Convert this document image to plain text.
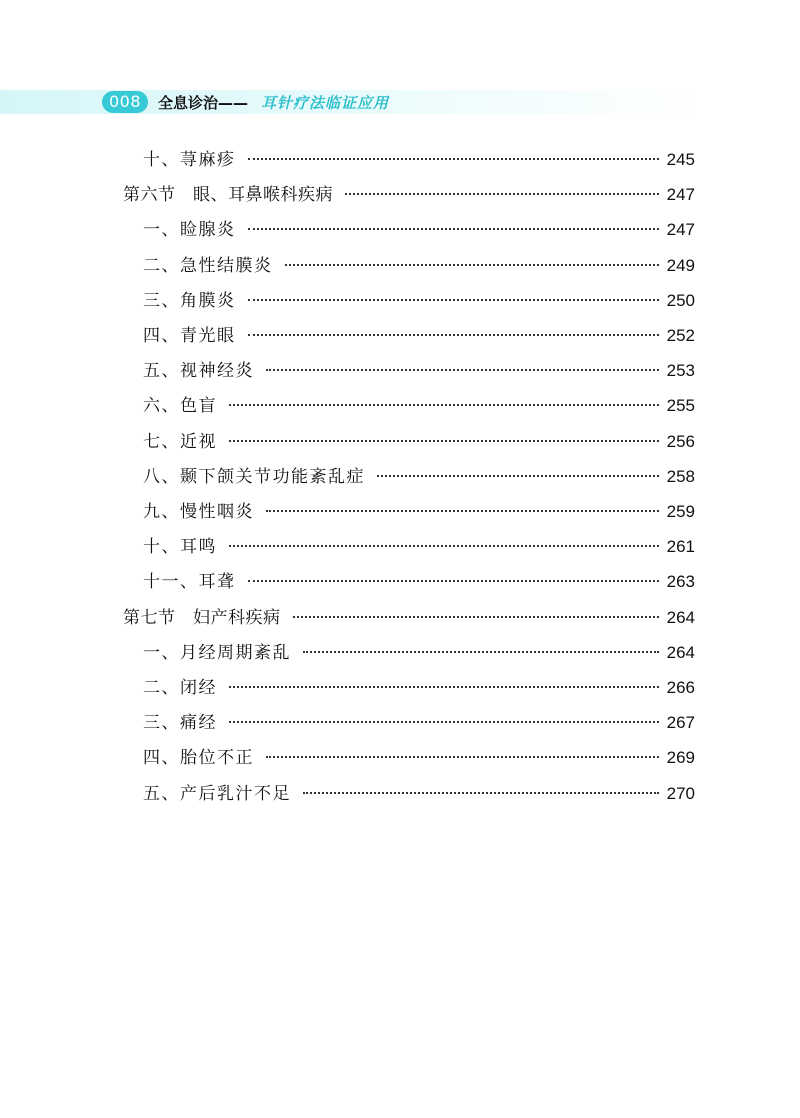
008	全息诊治—— 耳针疗法临证应用
十、荨麻疹	245
第六节　眼、耳鼻喉科疾病	247
一、睑腺炎	247
二、急性结膜炎	249
三、角膜炎	250
四、青光眼	252
五、视神经炎	253
六、色盲	255
七、近视	256
八、颞下颌关节功能紊乱症	258
九、慢性咽炎	259
十、耳鸣	261
十一、耳聋	263
第七节　妇产科疾病	264
一、月经周期紊乱	264
二、闭经	266
三、痛经	267
四、胎位不正	269
五、产后乳汁不足	270
